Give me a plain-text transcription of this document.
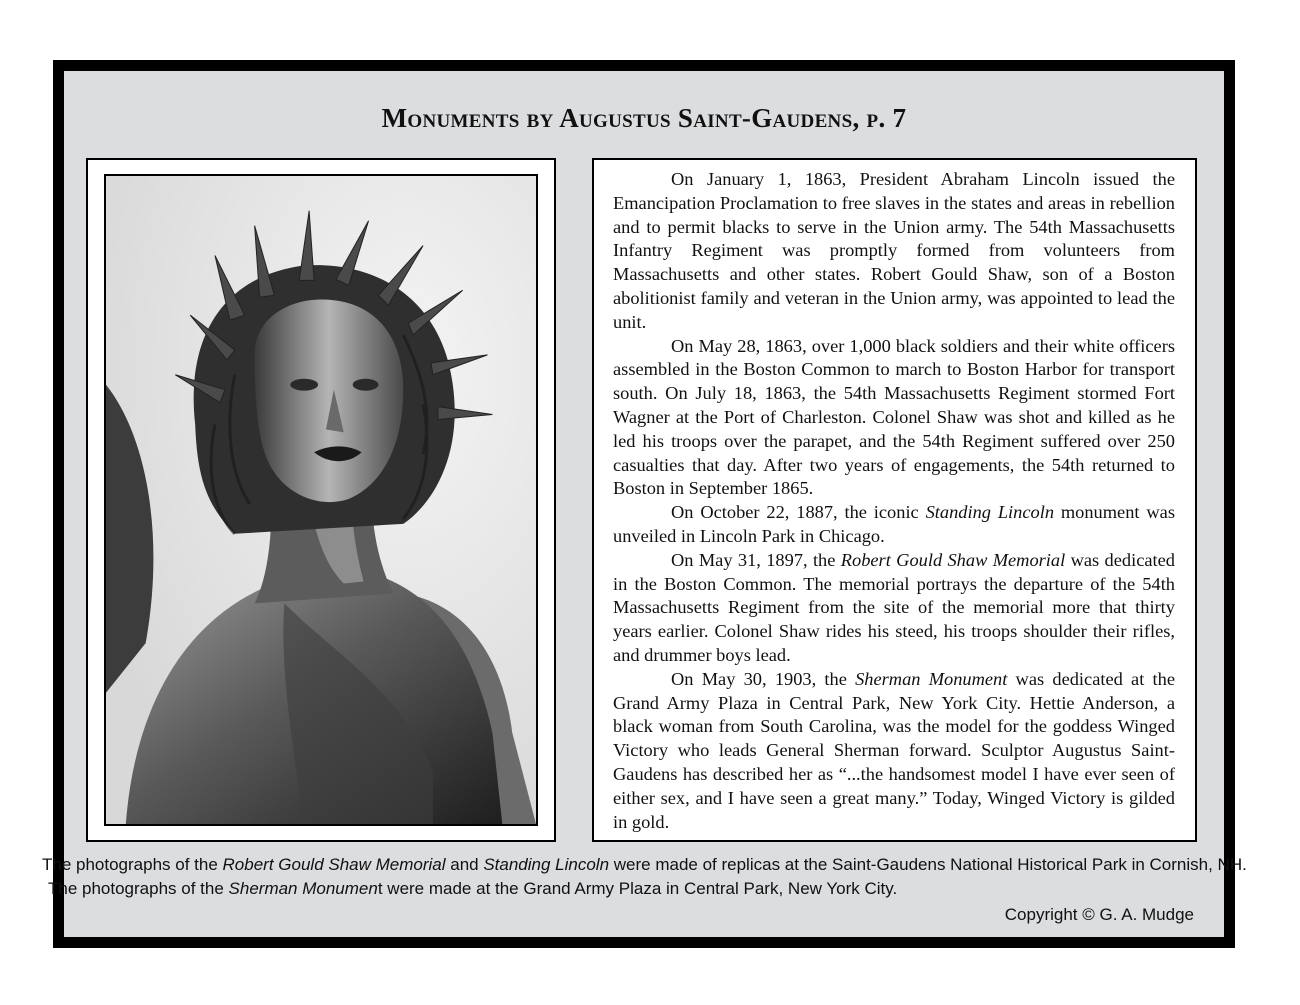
Monuments by Augustus Saint-Gaudens, p. 7

On January 1, 1863, President Abraham Lincoln issued the Emancipation Proclamation to free slaves in the states and areas in rebellion and to permit blacks to serve in the Union army. The 54th Massachusetts Infantry Regiment was promptly formed from volunteers from Massachusetts and other states. Robert Gould Shaw, son of a Boston abolitionist family and veteran in the Union army, was appointed to lead the unit.

On May 28, 1863, over 1,000 black soldiers and their white officers assembled in the Boston Common to march to Boston Harbor for transport south. On July 18, 1863, the 54th Massachusetts Regiment stormed Fort Wagner at the Port of Charleston. Colonel Shaw was shot and killed as he led his troops over the parapet, and the 54th Regiment suffered over 250 casualties that day. After two years of engagements, the 54th returned to Boston in September 1865.

On October 22, 1887, the iconic Standing Lincoln monument was unveiled in Lincoln Park in Chicago.

On May 31, 1897, the Robert Gould Shaw Memorial was dedicated in the Boston Common. The memorial portrays the departure of the 54th Massachusetts Regiment from the site of the memorial more that thirty years earlier. Colonel Shaw rides his steed, his troops shoulder their rifles, and drummer boys lead.

On May 30, 1903, the Sherman Monument was dedicated at the Grand Army Plaza in Central Park, New York City. Hettie Anderson, a black woman from South Carolina, was the model for the goddess Winged Victory who leads General Sherman forward. Sculptor Augustus Saint-Gaudens has described her as “...the handsomest model I have ever seen of either sex, and I have seen a great many.” Today, Winged Victory is gilded in gold.

The photographs of the Robert Gould Shaw Memorial and Standing Lincoln were made of replicas at the Saint-Gaudens National Historical Park in Cornish, NH.
The photographs of the Sherman Monument were made at the Grand Army Plaza in Central Park, New York City.
Copyright © G. A. Mudge
